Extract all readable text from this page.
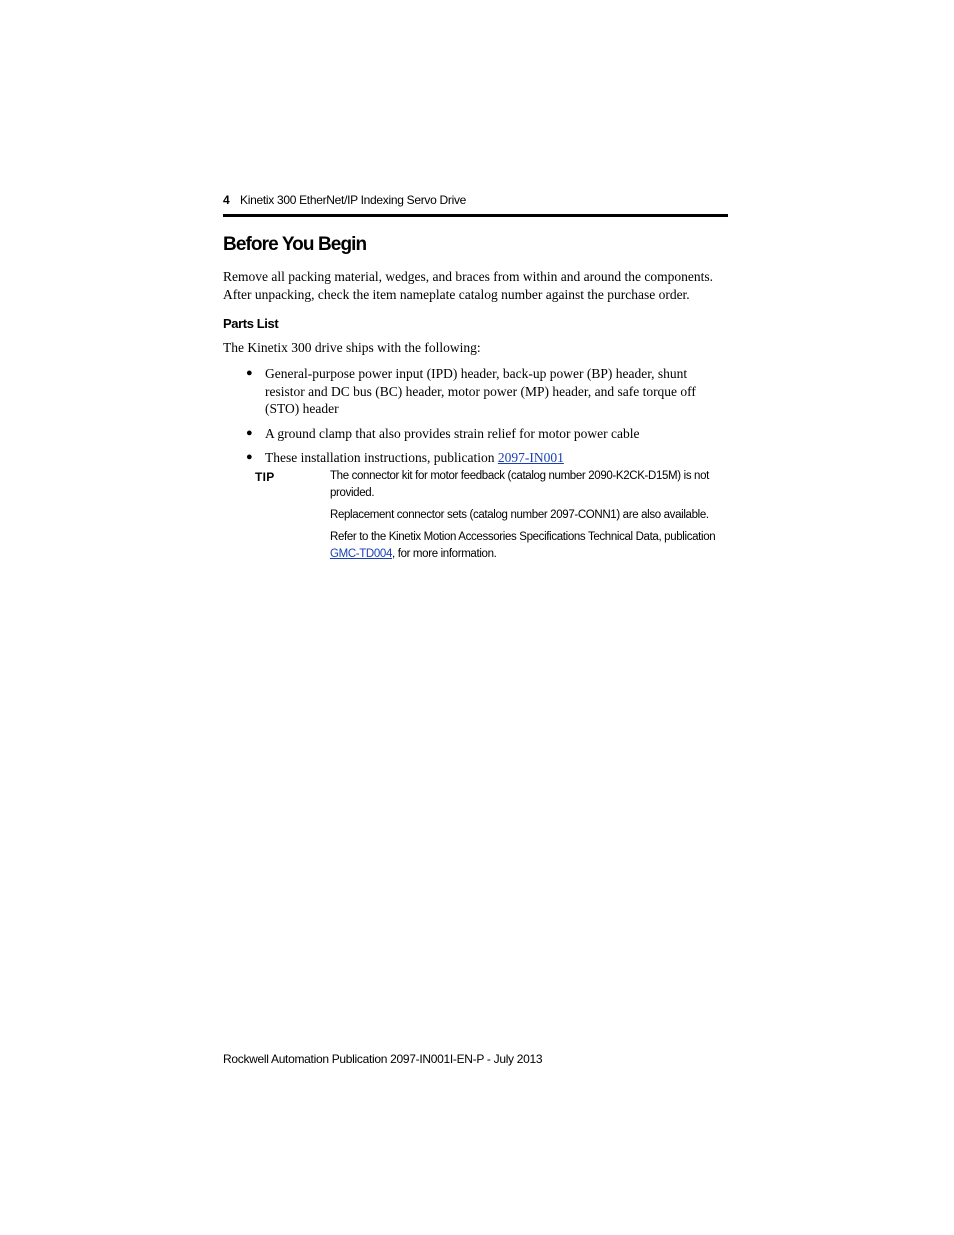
4 Kinetix 300 EtherNet/IP Indexing Servo Drive
Before You Begin

Remove all packing material, wedges, and braces from within and around the components. After unpacking, check the item nameplate catalog number against the purchase order.

Parts List

The Kinetix 300 drive ships with the following:

● General-purpose power input (IPD) header, back-up power (BP) header, shunt resistor and DC bus (BC) header, motor power (MP) header, and safe torque off (STO) header
● A ground clamp that also provides strain relief for motor power cable
● These installation instructions, publication 2097-IN001
TIP	The connector kit for motor feedback (catalog number 2090-K2CK-D15M) is not provided.

Replacement connector sets (catalog number 2097-CONN1) are also available.

Refer to the Kinetix Motion Accessories Specifications Technical Data, publication GMC-TD004, for more information.

Rockwell Automation Publication 2097-IN001I-EN-P - July 2013
